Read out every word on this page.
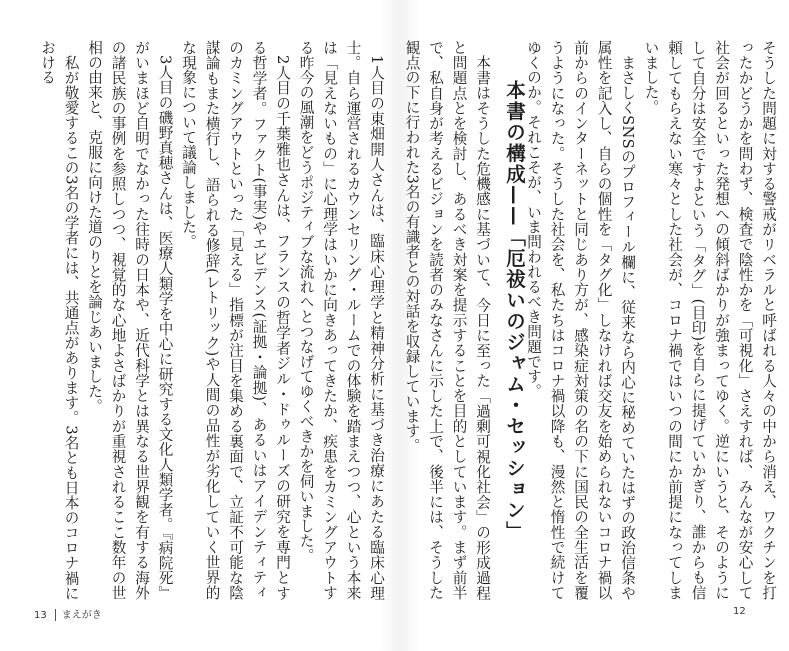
そうした問題に対する警戒がリベラルと呼ばれる人々の中から消え、ワクチンを打ったかどうかを問わず、検査で陰性かを「可視化」さえすれば、みんなが安心して社会が回るといった発想への傾斜ばかりが強まってゆく。逆にいうと、そのようにして自分は安全ですよという「タグ」(目印)を自らに提げていかぎり、誰からも信頼してもらえない寒々とした社会が、コロナ禍ではいつの間にか前提になってしまいました。

まさしくSNSのプロフィール欄に、従来なら内心に秘めていたはずの政治信条や属性を記入し、自らの個性を「タグ化」しなければ交友を始められないコロナ禍以前からのインターネットと同じあり方が、感染症対策の名の下に国民の全生活を覆うようになった。そうした社会を、私たちはコロナ禍以降も、漫然と惰性で続けてゆくのか。それこそが、いま問われるべき問題です。

本書の構成——「厄祓いのジャム・セッション」

本書はそうした危機感に基づいて、今日に至った「過剰可視化社会」の形成過程と問題点とを検討し、あるべき対案を提示することを目的としています。まず前半で、私自身が考えるビジョンを読者のみなさんに示した上で、後半には、そうした観点の下に行われた3名の有識者との対話を収録しています。

1人目の東畑開人さんは、臨床心理学と精神分析に基づき治療にあたる臨床心理士。自ら運営されるカウンセリング・ルームでの体験を踏まえつつ、心という本来は「見えないもの」に心理学はいかに向きあってきたか、疾患をカミングアウトする昨今の風潮をどうポジティブな流れへとつなげてゆくべきかを伺いました。

2人目の千葉雅也さんは、フランスの哲学者ジル・ドゥルーズの研究を専門とする哲学者。ファクト(事実)やエビデンス(証拠・論拠)、あるいはアイデンティティのカミングアウトといった「見える」指標が注目を集める裏面で、立証不可能な陰謀論もまた横行し、語られる修辞(レトリック)や人間の品性が劣化していく世界的な現象について議論しました。

3人目の磯野真穂さんは、医療人類学を中心に研究する文化人類学者。『病院死』がいまほど自明でなかった往時の日本や、近代科学とは異なる世界観を有する海外の諸民族の事例を参照しつつ、視覚的な心地よさばかりが重視されるここ数年の世相の由来と、克服に向けた道のりとを論じあいました。

私が敬愛するこの3名の学者には、共通点があります。3名とも日本のコロナ禍における

13 まえがき	12
